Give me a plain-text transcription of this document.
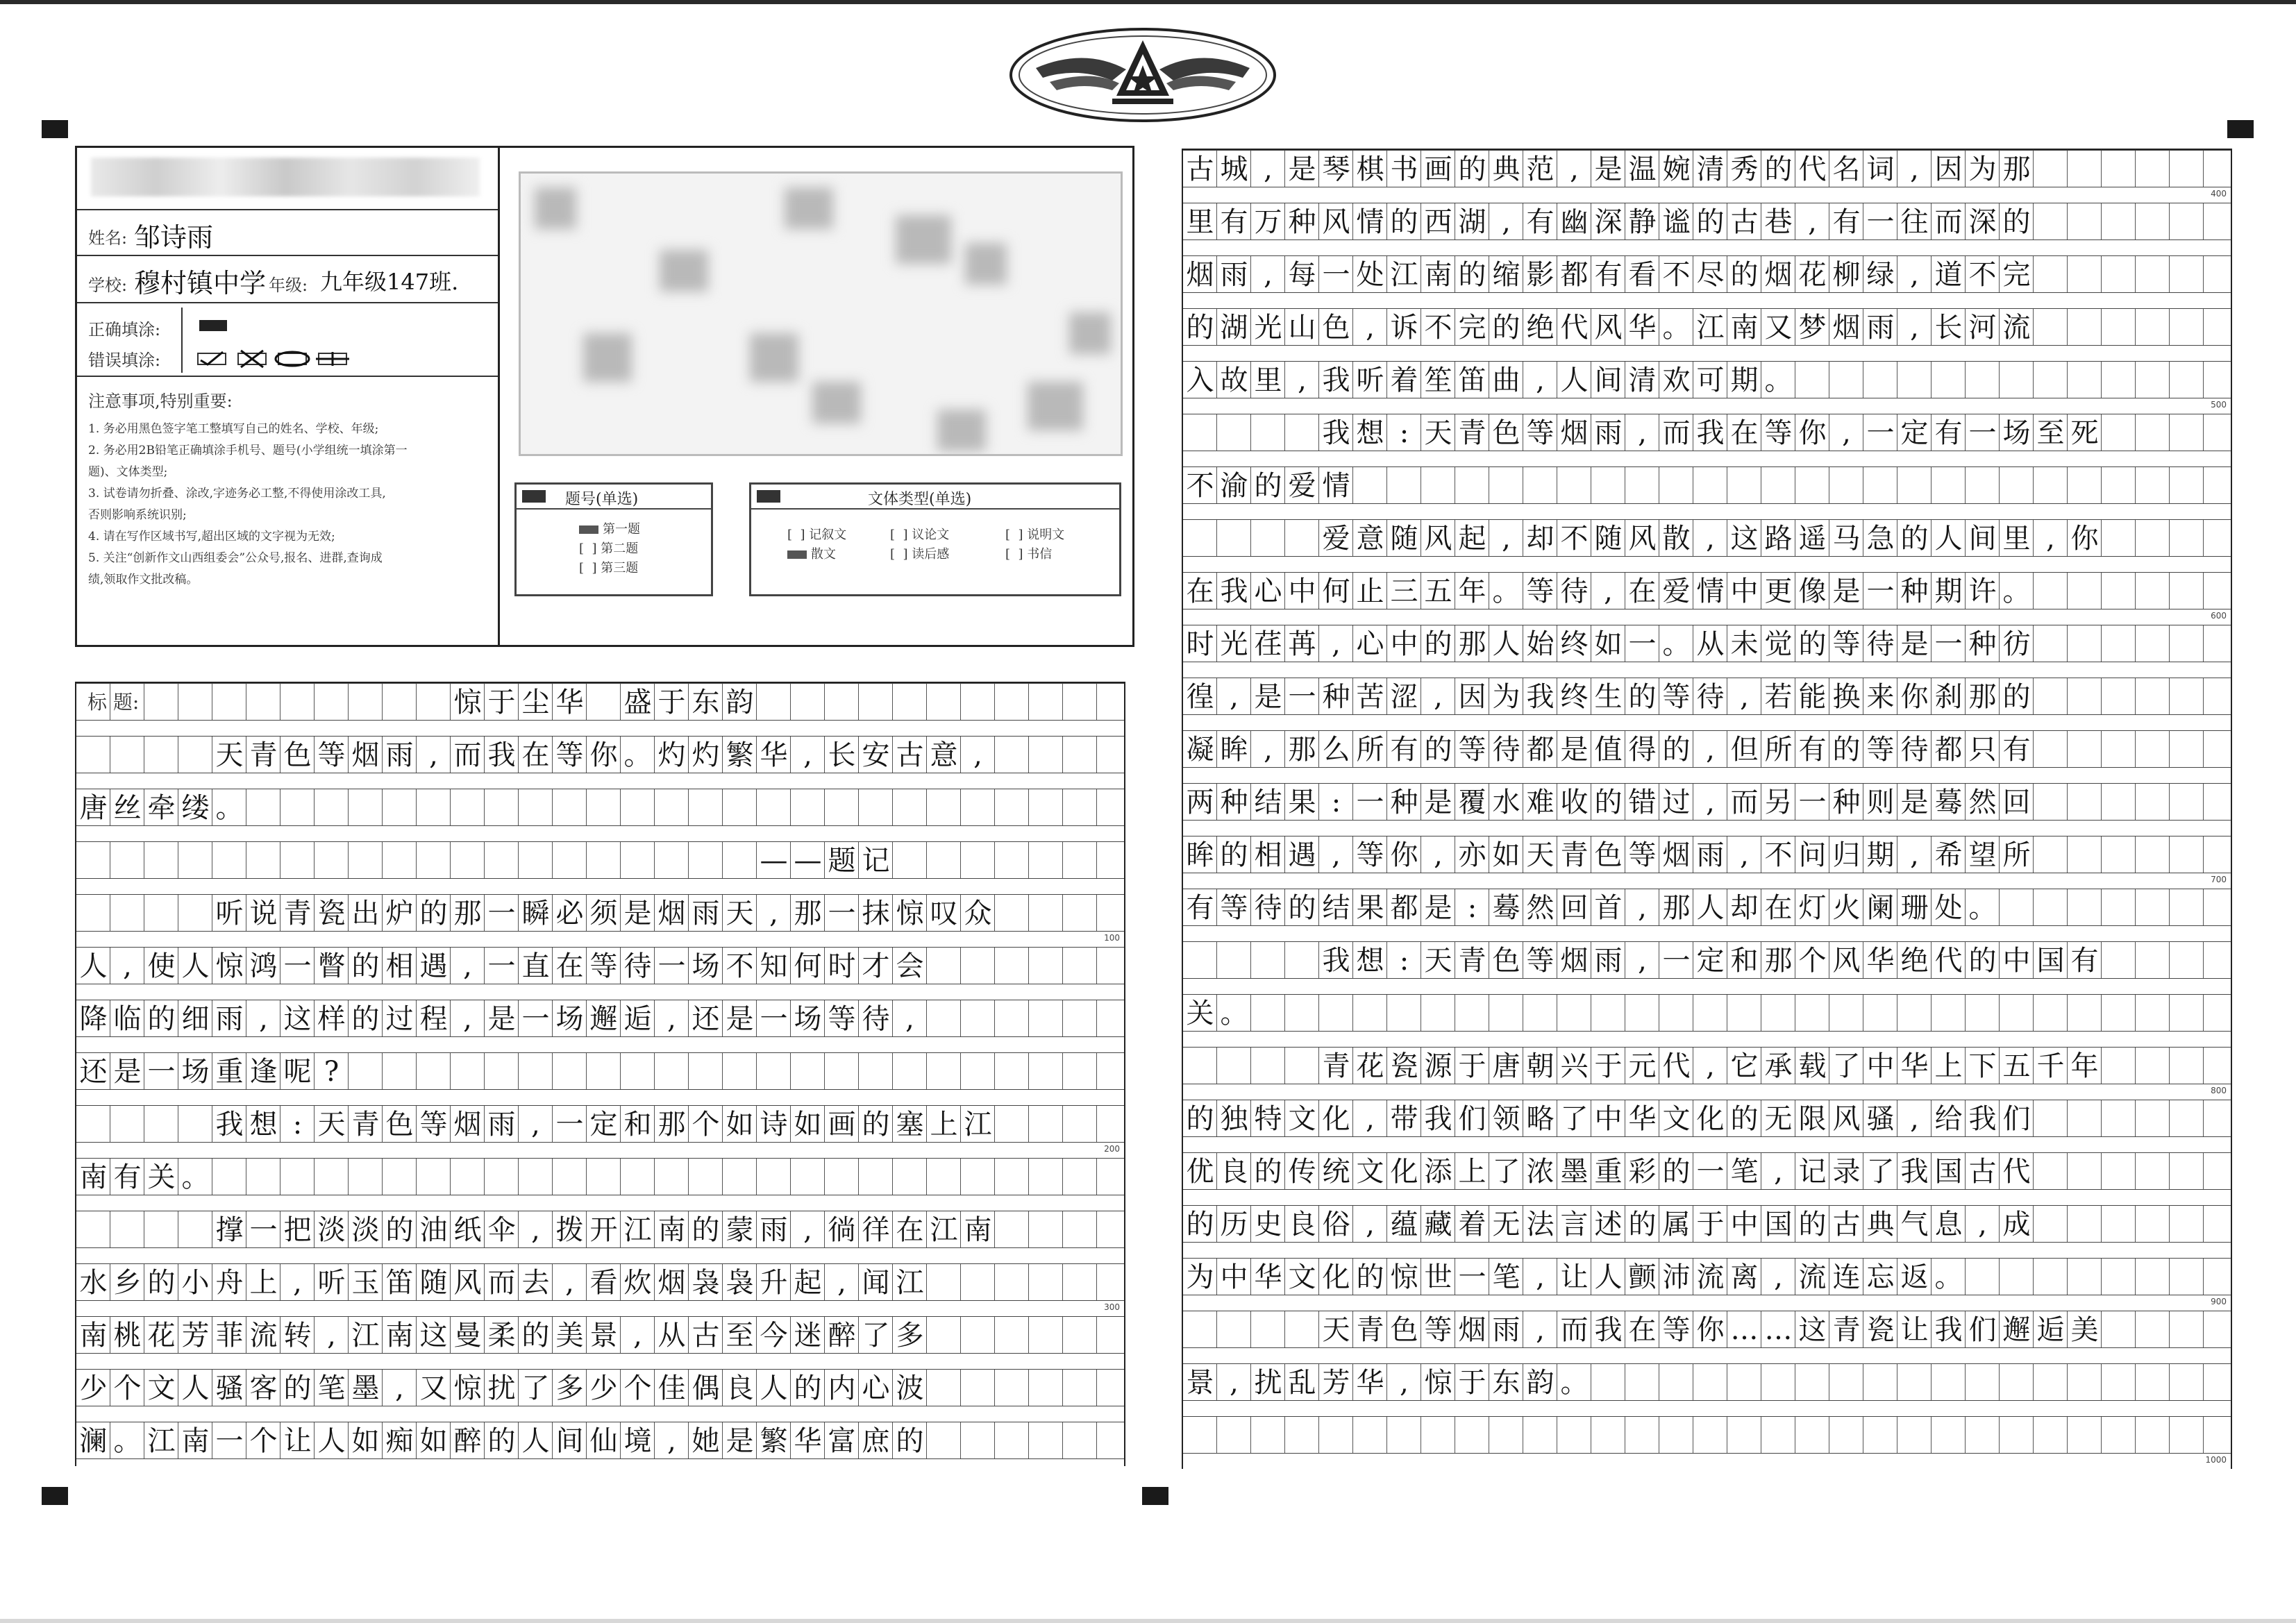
姓名: 邹诗雨
学校: 穆村镇中学 年级: 九年级147班.
正确填涂:
错误填涂:
注意事项,特别重要:
1. 务必用黑色签字笔工整填写自己的姓名、学校、年级;
2. 务必用2B铅笔正确填涂手机号、题号(小学组统一填涂第一
题)、文体类型;
3. 试卷请勿折叠、涂改,字迹务必工整,不得使用涂改工具,
否则影响系统识别;
4. 请在写作区域书写,超出区域的文字视为无效;
5. 关注“创新作文山西组委会”公众号,报名、进群,查询成
绩,领取作文批改稿。
题号(单选)
第一题
[  ] 第二题
[  ] 第三题
文体类型(单选)
[  ] 记叙文	[  ] 议论文	[  ] 说明文
散文	[  ] 读后感	[  ] 书信
惊 于 尘 华 盛 于 东 韵
标 题:
天 青 色 等 烟 雨 , 而 我 在 等 你 。 灼 灼 繁 华 , 长 安 古 意 ,
唐 丝 牵 缕 。
— — 题 记
听 说 青 瓷 出 炉 的 那 一 瞬 必 须 是 烟 雨 天 , 那 一 抹 惊 叹 众
人 , 使 人 惊 鸿 一 瞥 的 相 遇 , 一 直 在 等 待 一 场 不 知 何 时 才 会
降 临 的 细 雨 , 这 样 的 过 程 , 是 一 场 邂 逅 , 还 是 一 场 等 待 ,
还 是 一 场 重 逢 呢 ?
我 想 : 天 青 色 等 烟 雨 , 一 定 和 那 个 如 诗 如 画 的 塞 上 江
南 有 关 。
撑 一 把 淡 淡 的 油 纸 伞 , 拨 开 江 南 的 蒙 雨 , 徜 徉 在 江 南
水 乡 的 小 舟 上 , 听 玉 笛 随 风 而 去 , 看 炊 烟 袅 袅 升 起 , 闻 江
南 桃 花 芳 菲 流 转 , 江 南 这 曼 柔 的 美 景 , 从 古 至 今 迷 醉 了 多
少 个 文 人 骚 客 的 笔 墨 , 又 惊 扰 了 多 少 个 佳 偶 良 人 的 内 心 波
澜 。 江 南 一 个 让 人 如 痴 如 醉 的 人 间 仙 境 , 她 是 繁 华 富 庶 的
100
200
300
古 城 , 是 琴 棋 书 画 的 典 范 , 是 温 婉 清 秀 的 代 名 词 , 因 为 那
里 有 万 种 风 情 的 西 湖 , 有 幽 深 静 谧 的 古 巷 , 有 一 往 而 深 的
烟 雨 , 每 一 处 江 南 的 缩 影 都 有 看 不 尽 的 烟 花 柳 绿 , 道 不 完
的 湖 光 山 色 , 诉 不 完 的 绝 代 风 华 。 江 南 又 梦 烟 雨 , 长 河 流
入 故 里 , 我 听 着 笙 笛 曲 , 人 间 清 欢 可 期 。
我 想 : 天 青 色 等 烟 雨 , 而 我 在 等 你 , 一 定 有 一 场 至 死
不 渝 的 爱 情
爱 意 随 风 起 , 却 不 随 风 散 , 这 路 遥 马 急 的 人 间 里 , 你
在 我 心 中 何 止 三 五 年 。 等 待 , 在 爱 情 中 更 像 是 一 种 期 许 。
时 光 荏 苒 , 心 中 的 那 人 始 终 如 一 。 从 未 觉 的 等 待 是 一 种 彷
徨 , 是 一 种 苦 涩 , 因 为 我 终 生 的 等 待 , 若 能 换 来 你 刹 那 的
凝 眸 , 那 么 所 有 的 等 待 都 是 值 得 的 , 但 所 有 的 等 待 都 只 有
两 种 结 果 : 一 种 是 覆 水 难 收 的 错 过 , 而 另 一 种 则 是 蓦 然 回
眸 的 相 遇 , 等 你 , 亦 如 天 青 色 等 烟 雨 , 不 问 归 期 , 希 望 所
有 等 待 的 结 果 都 是 : 蓦 然 回 首 , 那 人 却 在 灯 火 阑 珊 处 。
我 想 : 天 青 色 等 烟 雨 , 一 定 和 那 个 风 华 绝 代 的 中 国 有
关 。
青 花 瓷 源 于 唐 朝 兴 于 元 代 , 它 承 载 了 中 华 上 下 五 千 年
的 独 特 文 化 , 带 我 们 领 略 了 中 华 文 化 的 无 限 风 骚 , 给 我 们
优 良 的 传 统 文 化 添 上 了 浓 墨 重 彩 的 一 笔 , 记 录 了 我 国 古 代
的 历 史 良 俗 , 蕴 藏 着 无 法 言 述 的 属 于 中 国 的 古 典 气 息 , 成
为 中 华 文 化 的 惊 世 一 笔 , 让 人 颤 沛 流 离 , 流 连 忘 返 。
天 青 色 等 烟 雨 , 而 我 在 等 你 … … 这 青 瓷 让 我 们 邂 逅 美
景 , 扰 乱 芳 华 , 惊 于 东 韵 。
400
500
600
700
800
900
1000
